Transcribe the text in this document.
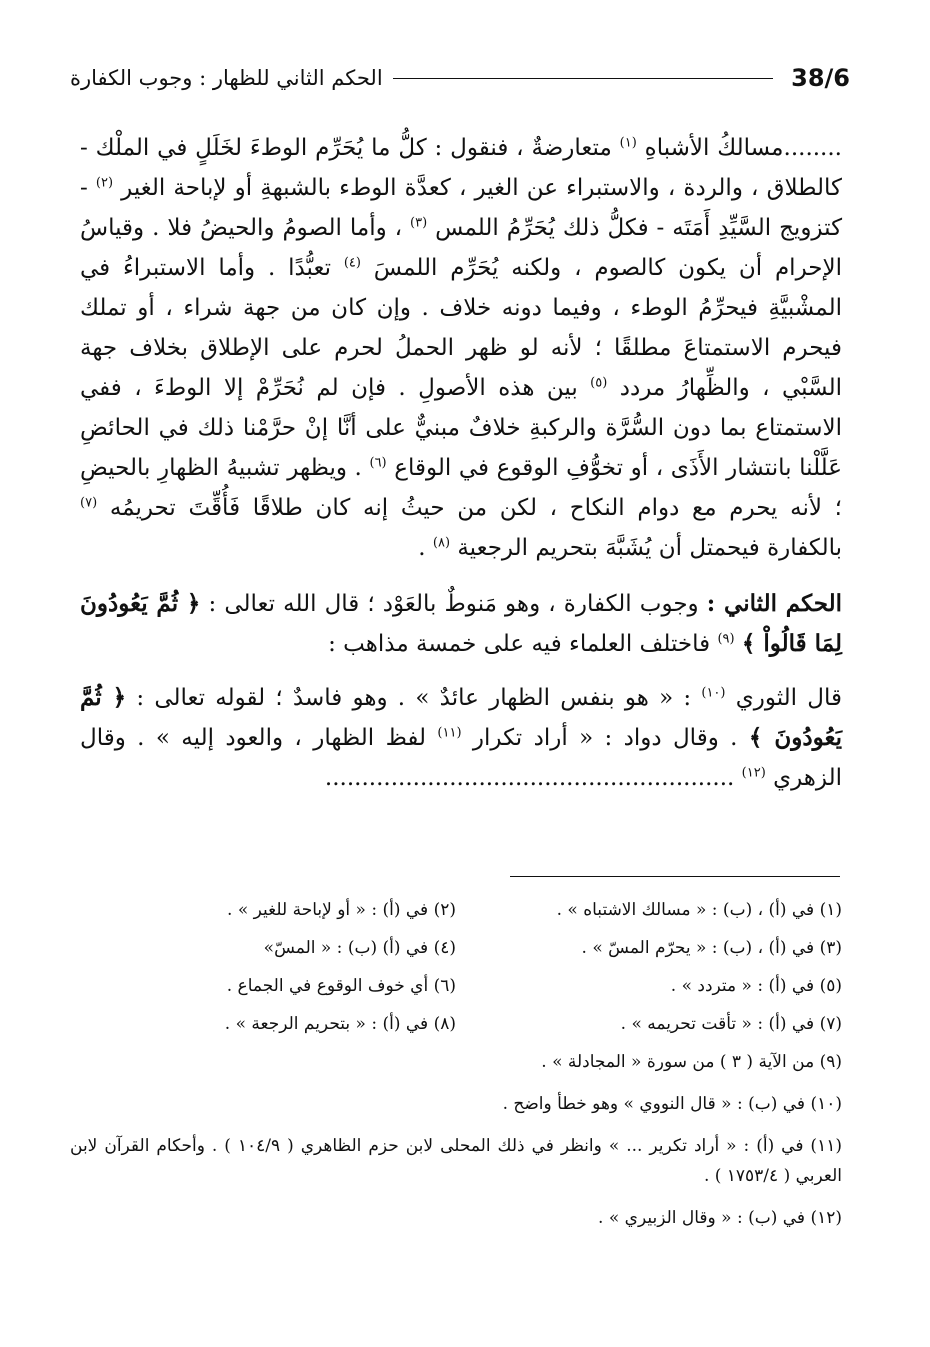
38/6
الحكم الثاني للظهار : وجوب الكفارة

........مسالكُ الأشباهِ $^{(١)}$ متعارضةٌ ، فنقول : كلُّ ما يُحَرِّم الوطءَ لخَلَلٍ في الملْك - كالطلاق ، والردة ، والاستبراء عن الغير ، كعدَّة الوطء بالشبهةِ أو لإباحة الغير $^{(٢)}$ - كتزويج السَّيِّدِ أَمَتَه - فكلُّ ذلك يُحَرِّمُ اللمس $^{(٣)}$ ، وأما الصومُ والحيضُ فلا . وقياسُ الإحرام أن يكون كالصوم ، ولكنه يُحَرِّم اللمسَ $^{(٤)}$ تعبُّدًا . وأما الاستبراءُ في المشْبيَّةِ فيحرِّمُ الوطء ، وفيما دونه خلاف . وإن كان من جهة شراء ، أو تملك فيحرم الاستمتاعَ مطلقًا ؛ لأنه لو ظهر الحملُ لحرم على الإطلاق بخلاف جهة السَّبْي ، والظِّهارُ مردد $^{(٥)}$ بين هذه الأصولِ . فإن لم نُحَرِّمْ إلا الوطءَ ، ففي الاستمتاع بما دون السُّرَّة والركبةِ خلافٌ مبنيٌّ على أنَّا إنْ حرَّمْنا ذلك في الحائضِ عَلَّلْنا بانتشار الأَذَى ، أو تخوُّفِ الوقوع في الوقاع $^{(٦)}$ . ويظهر تشبيهُ الظهارِ بالحيضِ ؛ لأنه يحرم مع دوام النكاح ، لكن من حيثُ إنه كان طلاقًا فَأُقِّتَ تحريمُه $^{(٧)}$ بالكفارة فيحمتل أن يُشَبَّهَ بتحريم الرجعية $^{(٨)}$ .

الحكم الثاني : وجوب الكفارة ، وهو مَنوطٌ بالعَوْد ؛ قال الله تعالى : ﴿ ثُمَّ يَعُودُونَ لِمَا قَالُواْ ﴾ $^{(٩)}$ فاختلف العلماء فيه على خمسة مذاهب :

قال الثوري $^{(١٠)}$ : « هو بنفس الظهار عائدٌ » . وهو فاسدٌ ؛ لقوله تعالى : ﴿ ثُمَّ يَعُودُونَ ﴾ . وقال دواد : « أراد تكرار $^{(١١)}$ لفظ الظهار ، والعود إليه » . وقال الزهري $^{(١٢)}$ ........................................................

(١) في (أ) ، (ب) : « مسالك الاشتباه » .
(٢) في (أ) : « أو لإباحة للغير » .
(٣) في (أ) ، (ب) : « يحرّم المسّ » .
(٤) في (أ) (ب) : « المسّ»
(٥) في (أ) : « متردد » .
(٦) أي خوف الوقوع في الجماع .
(٧) في (أ) : « تأقت تحريمه » .
(٨) في (أ) : « بتحريم الرجعة » .
(٩) من الآية ( ٣ ) من سورة « المجادلة » .
(١٠) في (ب) : « قال النووي » وهو خطأ واضح .
(١١) في (أ) : « أراد تكرير ... » وانظر في ذلك المحلى لابن حزم الظاهري ( ١٠٤/٩ ) . وأحكام القرآن لابن العربي ( ١٧٥٣/٤ ) .
(١٢) في (ب) : « وقال الزبيري » .
